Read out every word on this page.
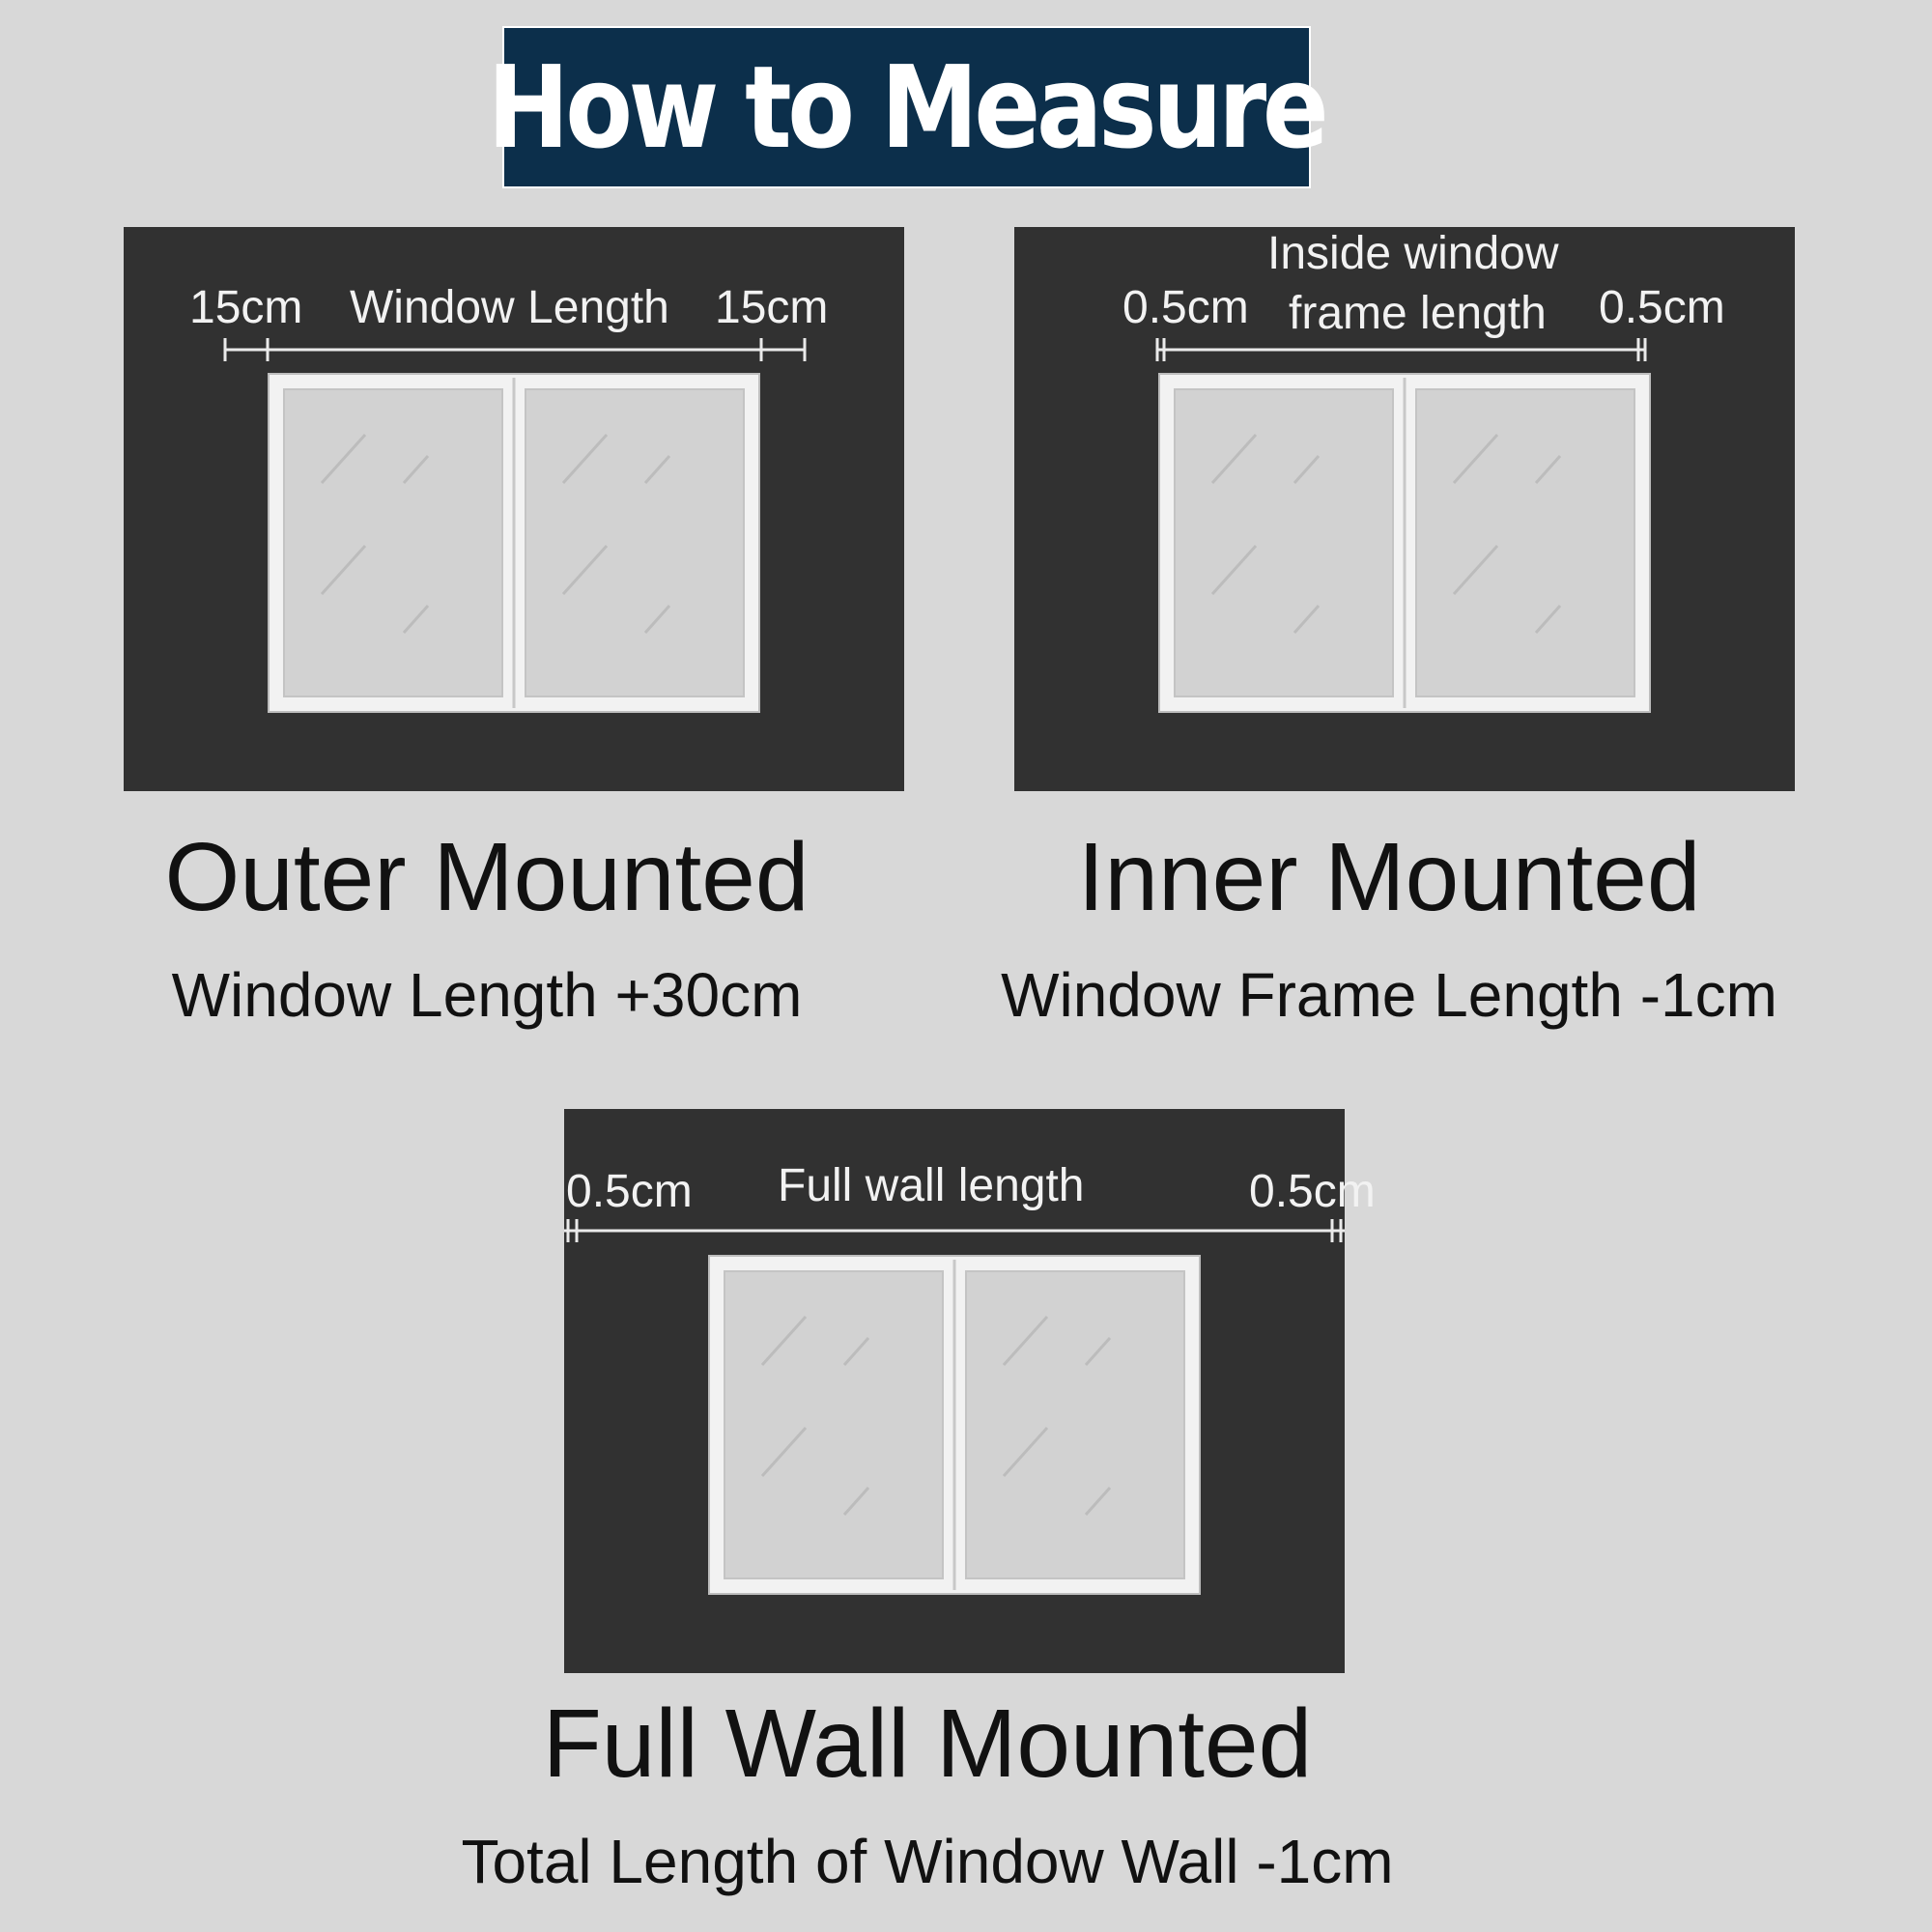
How to Measure
15cm Window Length 15cm	0.5cm
Inside window
frame length 0.5cm
Outer Mounted
Window Length +30cm
Inner Mounted
Window Frame Length -1cm
0.5cm Full wall length	0.5cm
Full Wall Mounted
Total Length of Window Wall -1cm
